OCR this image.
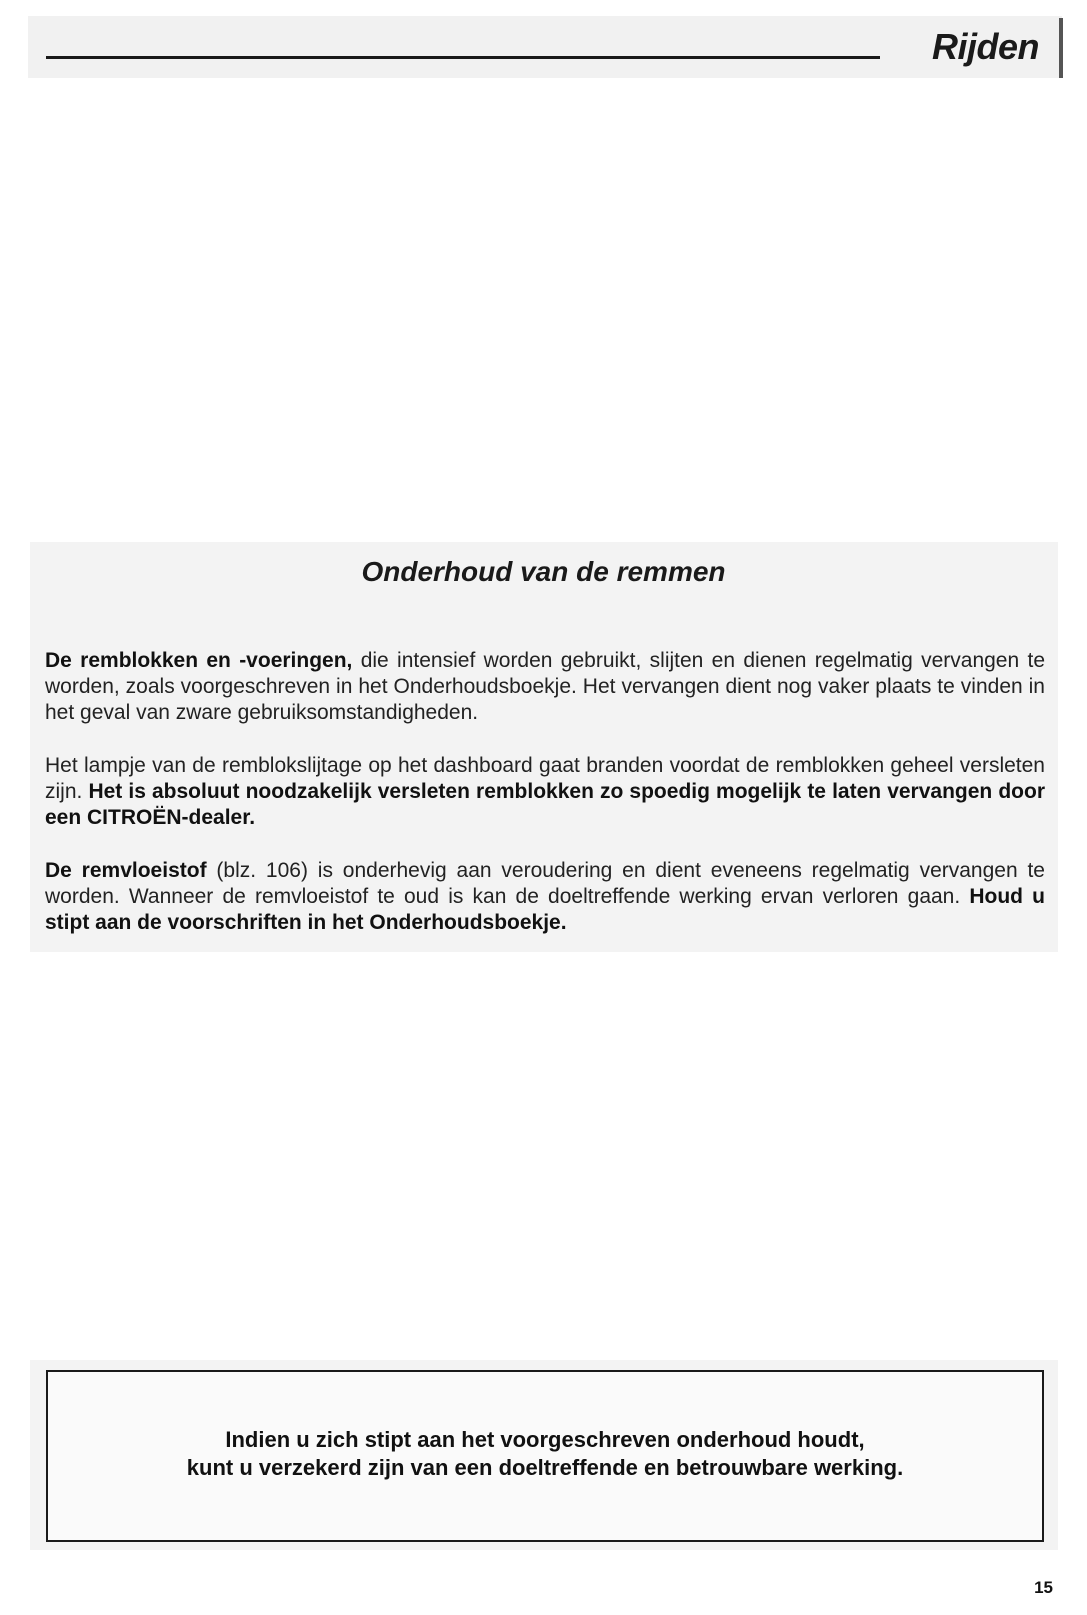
Rijden
Onderhoud van de remmen
De remblokken en -voeringen, die intensief worden gebruikt, slijten en dienen regelmatig vervangen te worden, zoals voorgeschreven in het Onderhoudsboekje. Het vervangen dient nog vaker plaats te vinden in het geval van zware gebruiksomstandigheden.
Het lampje van de remblokslijtage op het dashboard gaat branden voordat de remblokken geheel versleten zijn. Het is absoluut noodzakelijk versleten remblokken zo spoedig mogelijk te laten vervangen door een CITROËN-dealer.
De remvloeistof (blz. 106) is onderhevig aan veroudering en dient eveneens regelmatig vervangen te worden. Wanneer de remvloeistof te oud is kan de doeltreffende werking ervan verloren gaan. Houd u stipt aan de voorschriften in het Onderhoudsboekje.
Indien u zich stipt aan het voorgeschreven onderhoud houdt,
kunt u verzekerd zijn van een doeltreffende en betrouwbare werking.
15
